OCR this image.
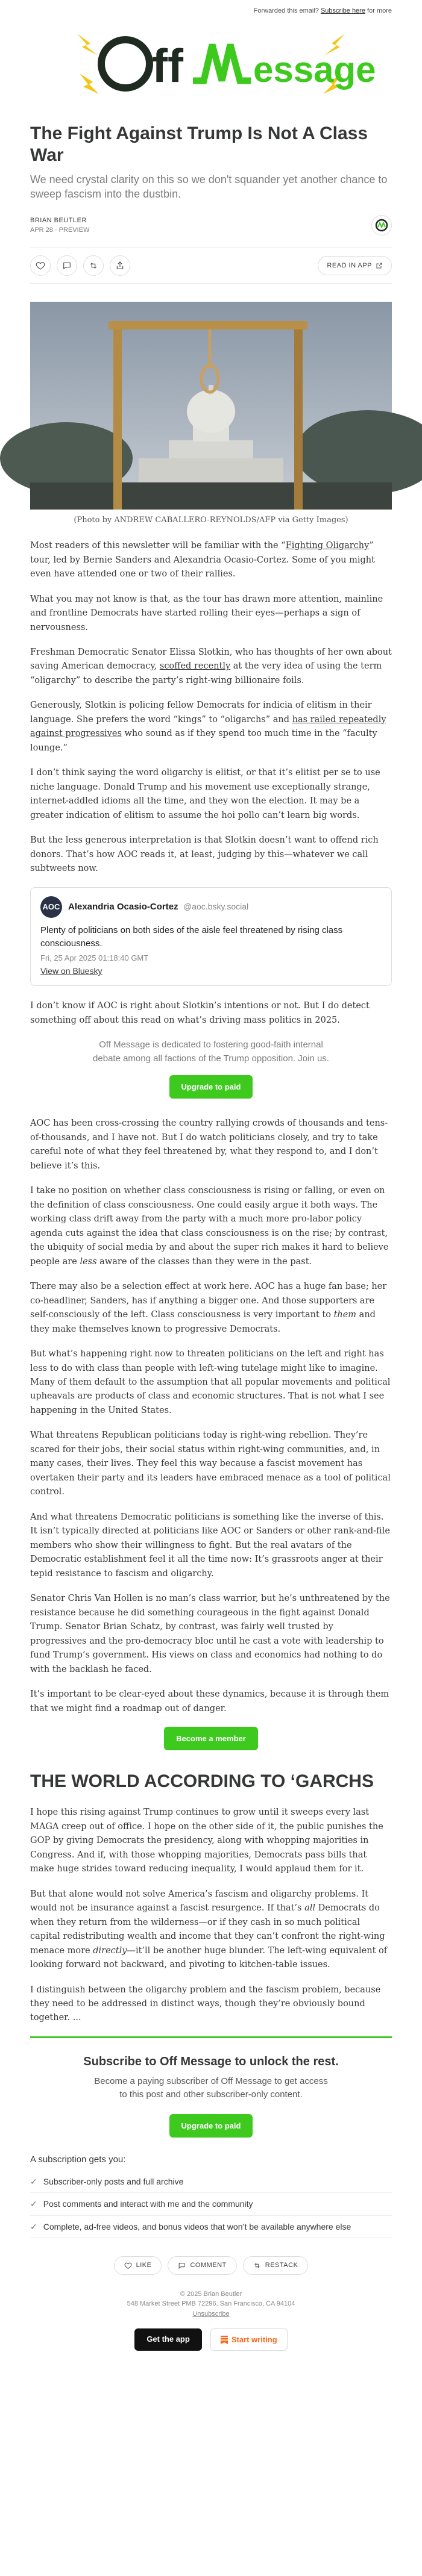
Forwarded this email? Subscribe here for more
ff essage
The Fight Against Trump Is Not A Class War
We need crystal clarity on this so we don't squander yet another chance to sweep fascism into the dustbin.
BRIAN BEUTLER
APR 28 · PREVIEW
READ IN APP
(Photo by ANDREW CABALLERO-REYNOLDS/AFP via Getty Images)

Most readers of this newsletter will be familiar with the “Fighting Oligarchy” tour, led by Bernie Sanders and Alexandria Ocasio-Cortez. Some of you might even have attended one or two of their rallies.

What you may not know is that, as the tour has drawn more attention, mainline and frontline Democrats have started rolling their eyes—perhaps a sign of nervousness.

Freshman Democratic Senator Elissa Slotkin, who has thoughts of her own about saving American democracy, scoffed recently at the very idea of using the term “oligarchy” to describe the party’s right-wing billionaire foils.

Generously, Slotkin is policing fellow Democrats for indicia of elitism in their language. She prefers the word “kings” to “oligarchs” and has railed repeatedly against progressives who sound as if they spend too much time in the “faculty lounge.”

I don’t think saying the word oligarchy is elitist, or that it’s elitist per se to use niche language. Donald Trump and his movement use exceptionally strange, internet-addled idioms all the time, and they won the election. It may be a greater indication of elitism to assume the hoi pollo can’t learn big words.

But the less generous interpretation is that Slotkin doesn’t want to offend rich donors. That’s how AOC reads it, at least, judging by this—whatever we call subtweets now.

AOC Alexandria Ocasio-Cortez @aoc.bsky.social
Plenty of politicians on both sides of the aisle feel threatened by rising class consciousness.
Fri, 25 Apr 2025 01:18:40 GMT
View on Bluesky

I don’t know if AOC is right about Slotkin’s intentions or not. But I do detect something off about this read on what’s driving mass politics in 2025.

Off Message is dedicated to fostering good-faith internal debate among all factions of the Trump opposition. Join us.
Upgrade to paid

AOC has been cross-crossing the country rallying crowds of thousands and tens-of-thousands, and I have not. But I do watch politicians closely, and try to take careful note of what they feel threatened by, what they respond to, and I don’t believe it’s this.

I take no position on whether class consciousness is rising or falling, or even on the definition of class consciousness. One could easily argue it both ways. The working class drift away from the party with a much more pro-labor policy agenda cuts against the idea that class consciousness is on the rise; by contrast, the ubiquity of social media by and about the super rich makes it hard to believe people are less aware of the classes than they were in the past.

There may also be a selection effect at work here. AOC has a huge fan base; her co-headliner, Sanders, has if anything a bigger one. And those supporters are self-consciously of the left. Class consciousness is very important to them and they make themselves known to progressive Democrats.

But what’s happening right now to threaten politicians on the left and right has less to do with class than people with left-wing tutelage might like to imagine. Many of them default to the assumption that all popular movements and political upheavals are products of class and economic structures. That is not what I see happening in the United States.

What threatens Republican politicians today is right-wing rebellion. They’re scared for their jobs, their social status within right-wing communities, and, in many cases, their lives. They feel this way because a fascist movement has overtaken their party and its leaders have embraced menace as a tool of political control.

And what threatens Democratic politicians is something like the inverse of this. It isn’t typically directed at politicians like AOC or Sanders or other rank-and-file members who show their willingness to fight. But the real avatars of the Democratic establishment feel it all the time now: It’s grassroots anger at their tepid resistance to fascism and oligarchy.

Senator Chris Van Hollen is no man’s class warrior, but he’s unthreatened by the resistance because he did something courageous in the fight against Donald Trump. Senator Brian Schatz, by contrast, was fairly well trusted by progressives and the pro-democracy bloc until he cast a vote with leadership to fund Trump’s government. His views on class and economics had nothing to do with the backlash he faced.

It’s important to be clear-eyed about these dynamics, because it is through them that we might find a roadmap out of danger.

Become a member
THE WORLD ACCORDING TO ‘GARCHS

I hope this rising against Trump continues to grow until it sweeps every last MAGA creep out of office. I hope on the other side of it, the public punishes the GOP by giving Democrats the presidency, along with whopping majorities in Congress. And if, with those whopping majorities, Democrats pass bills that make huge strides toward reducing inequality, I would applaud them for it.

But that alone would not solve America’s fascism and oligarchy problems. It would not be insurance against a fascist resurgence. If that’s all Democrats do when they return from the wilderness—or if they cash in so much political capital redistributing wealth and income that they can’t confront the right-wing menace more directly—it’ll be another huge blunder. The left-wing equivalent of looking forward not backward, and pivoting to kitchen-table issues.

I distinguish between the oligarchy problem and the fascism problem, because they need to be addressed in distinct ways, though they’re obviously bound together. ...

Subscribe to Off Message to unlock the rest.
Become a paying subscriber of Off Message to get access to this post and other subscriber-only content.
Upgrade to paid
A subscription gets you:
✓ Subscriber-only posts and full archive
✓ Post comments and interact with me and the community
✓ Complete, ad-free videos, and bonus videos that won’t be available anywhere else
LIKE	COMMENT	RESTACK
© 2025 Brian Beutler
548 Market Street PMB 72296, San Francisco, CA 94104
Unsubscribe
Get the app	Start writing
